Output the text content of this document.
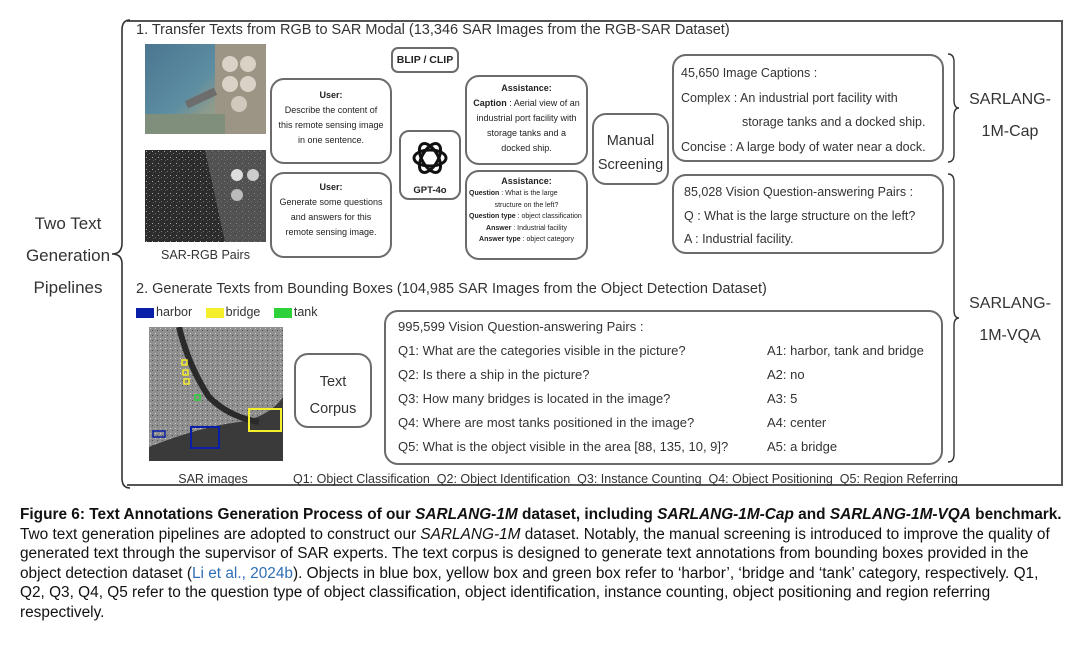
Two Text
Generation
Pipelines
1. Transfer Texts from RGB to SAR Modal (13,346 SAR Images from the RGB-SAR Dataset)
SAR-RGB Pairs
User:
Describe the content of
this remote sensing image
in one sentence.
User:
Generate some questions
and answers for this
remote sensing image.
BLIP / CLIP
GPT-4o
Assistance:
Caption : Aerial view of an
industrial port facility with
storage tanks and a
docked ship.
Assistance:
Question : What is the large
structure on the left?
Question type : object classification
Answer : Industrial facility
Answer type : object category
Manual
Screening
45,650 Image Captions :
Complex : An industrial port facility with
storage tanks and a docked ship.
Concise : A large body of water near a dock.
85,028 Vision Question-answering Pairs :
Q : What is the large structure on the left?
A : Industrial facility.
SARLANG-
1M-Cap
SARLANG-
1M-VQA
2. Generate Texts from Bounding Boxes (104,985 SAR Images from the Object Detection Dataset)
harbor	bridge	tank
SAR images
Text
Corpus
995,599 Vision Question-answering Pairs :
Q1: What are the categories visible in the picture?	A1: harbor, tank and bridge
Q2: Is there a ship in the picture?	A2: no
Q3: How many bridges is located in the image?	A3: 5
Q4: Where are most tanks positioned in the image?	A4: center
Q5: What is the object visible in the area [88, 135, 10, 9]?	A5: a bridge
Q1: Object Classification  Q2: Object Identification  Q3: Instance Counting  Q4: Object Positioning  Q5: Region Referring
Figure 6: Text Annotations Generation Process of our SARLANG-1M dataset, including SARLANG-1M-Cap and SARLANG-1M-VQA benchmark. Two text generation pipelines are adopted to construct our SARLANG-1M dataset. Notably, the manual screening is introduced to improve the quality of generated text through the supervisor of SAR experts. The text corpus is designed to generate text annotations from bounding boxes provided in the object detection dataset (Li et al., 2024b). Objects in blue box, yellow box and green box refer to ‘harbor’, ‘bridge and ‘tank’ category, respectively. Q1, Q2, Q3, Q4, Q5 refer to the question type of object classification, object identification, instance counting, object positioning and region referring respectively.
